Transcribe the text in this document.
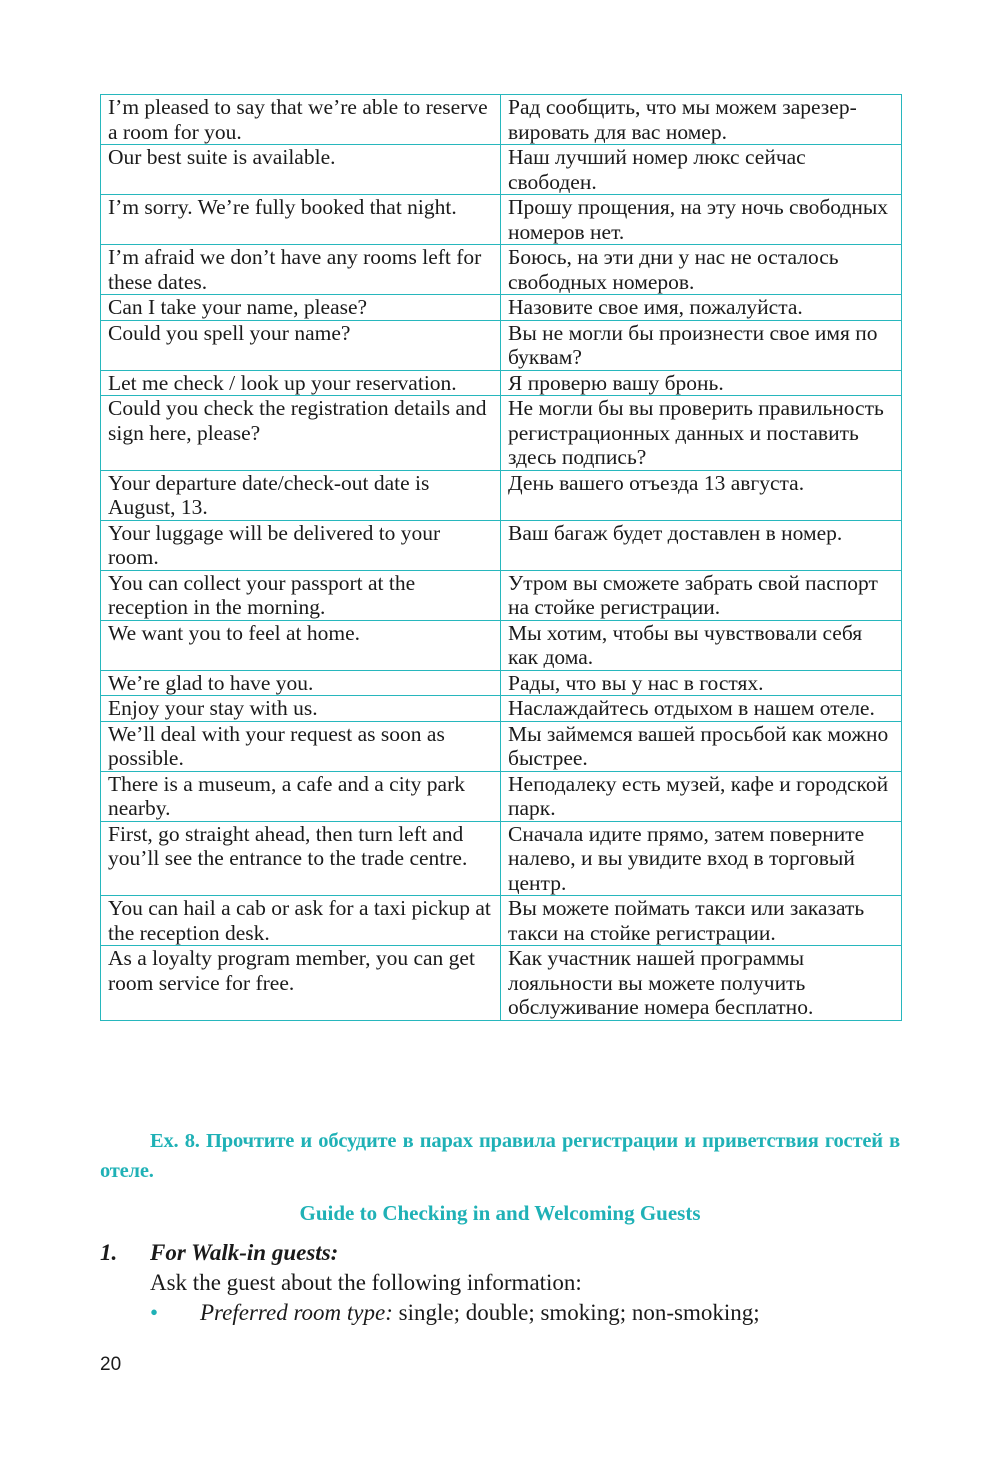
I’m pleased to say that we’re able to reserve a room for you.	Рад сообщить, что мы можем зарезервировать для вас номер.
Our best suite is available.	Наш лучший номер люкс сейчас свободен.
I’m sorry. We’re fully booked that night.	Прошу прощения, на эту ночь свободных номеров нет.
I’m afraid we don’t have any rooms left for these dates.	Боюсь, на эти дни у нас не осталось свободных номеров.
Can I take your name, please?	Назовите свое имя, пожалуйста.
Could you spell your name?	Вы не могли бы произнести свое имя по буквам?
Let me check / look up your reservation.	Я проверю вашу бронь.
Could you check the registration details and sign here, please?	Не могли бы вы проверить правильность регистрационных данных и поставить здесь подпись?
Your departure date/check-out date is August, 13.	День вашего отъезда 13 августа.
Your luggage will be delivered to your room.	Ваш багаж будет доставлен в номер.
You can collect your passport at the reception in the morning.	Утром вы сможете забрать свой паспорт на стойке регистрации.
We want you to feel at home.	Мы хотим, чтобы вы чувствовали себя как дома.
We’re glad to have you.	Рады, что вы у нас в гостях.
Enjoy your stay with us.	Наслаждайтесь отдыхом в нашем отеле.
We’ll deal with your request as soon as possible.	Мы займемся вашей просьбой как можно быстрее.
There is a museum, a cafe and a city park nearby.	Неподалеку есть музей, кафе и городской парк.
First, go straight ahead, then turn left and you’ll see the entrance to the trade centre.	Сначала идите прямо, затем поверните налево, и вы увидите вход в торговый центр.
You can hail a cab or ask for a taxi pickup at the reception desk.	Вы можете поймать такси или заказать такси на стойке регистрации.
As a loyalty program member, you can get room service for free.	Как участник нашей программы лояльности вы можете получить обслуживание номера бесплатно.
Ex. 8. Прочтите и обсудите в парах правила регистрации и приветствия гостей в отеле.
Guide to Checking in and Welcoming Guests
1. For Walk-in guests:
Ask the guest about the following information:
• Preferred room type: single; double; smoking; non-smoking;
20
